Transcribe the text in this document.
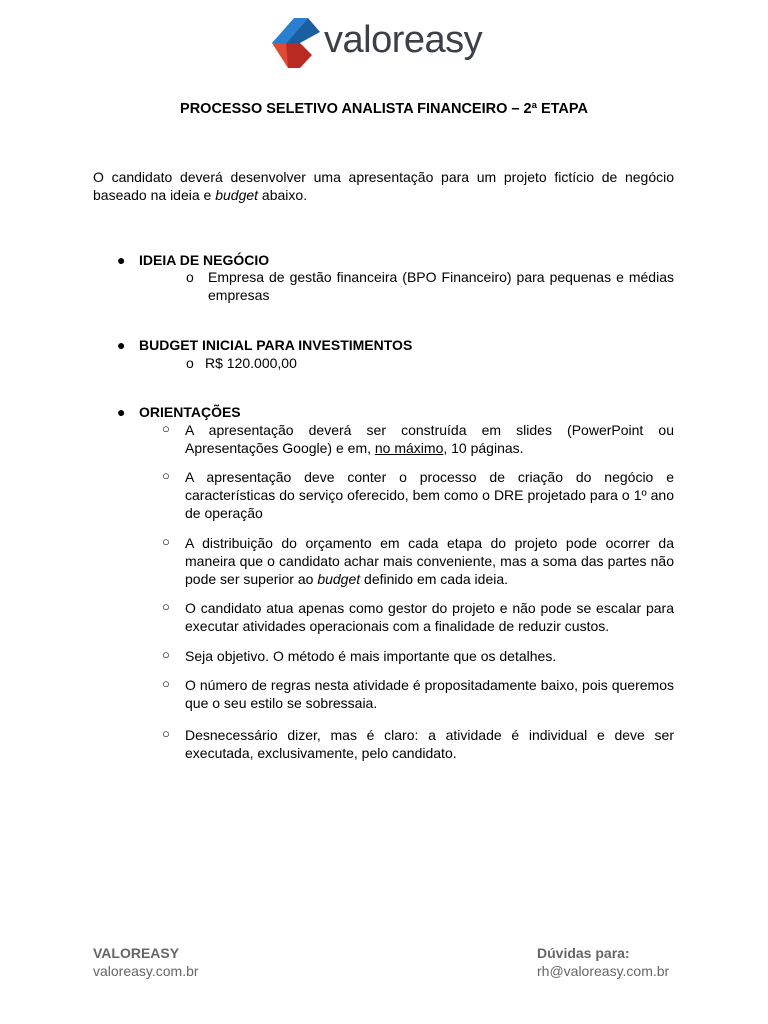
valoreasy
PROCESSO SELETIVO ANALISTA FINANCEIRO – 2ª ETAPA
O candidato deverá desenvolver uma apresentação para um projeto fictício de negócio baseado na ideia e budget abaixo.
● IDEIA DE NEGÓCIO
o Empresa de gestão financeira (BPO Financeiro) para pequenas e médias empresas
● BUDGET INICIAL PARA INVESTIMENTOS
o R$ 120.000,00
● ORIENTAÇÕES
○ A apresentação deverá ser construída em slides (PowerPoint ou Apresentações Google) e em, no máximo, 10 páginas.
○ A apresentação deve conter o processo de criação do negócio e características do serviço oferecido, bem como o DRE projetado para o 1º ano de operação
○ A distribuição do orçamento em cada etapa do projeto pode ocorrer da maneira que o candidato achar mais conveniente, mas a soma das partes não pode ser superior ao budget definido em cada ideia.
○ O candidato atua apenas como gestor do projeto e não pode se escalar para executar atividades operacionais com a finalidade de reduzir custos.
○ Seja objetivo. O método é mais importante que os detalhes.
○ O número de regras nesta atividade é propositadamente baixo, pois queremos que o seu estilo se sobressaia.
○ Desnecessário dizer, mas é claro: a atividade é individual e deve ser executada, exclusivamente, pelo candidato.
VALOREASY
valoreasy.com.br
Dúvidas para:
rh@valoreasy.com.br
